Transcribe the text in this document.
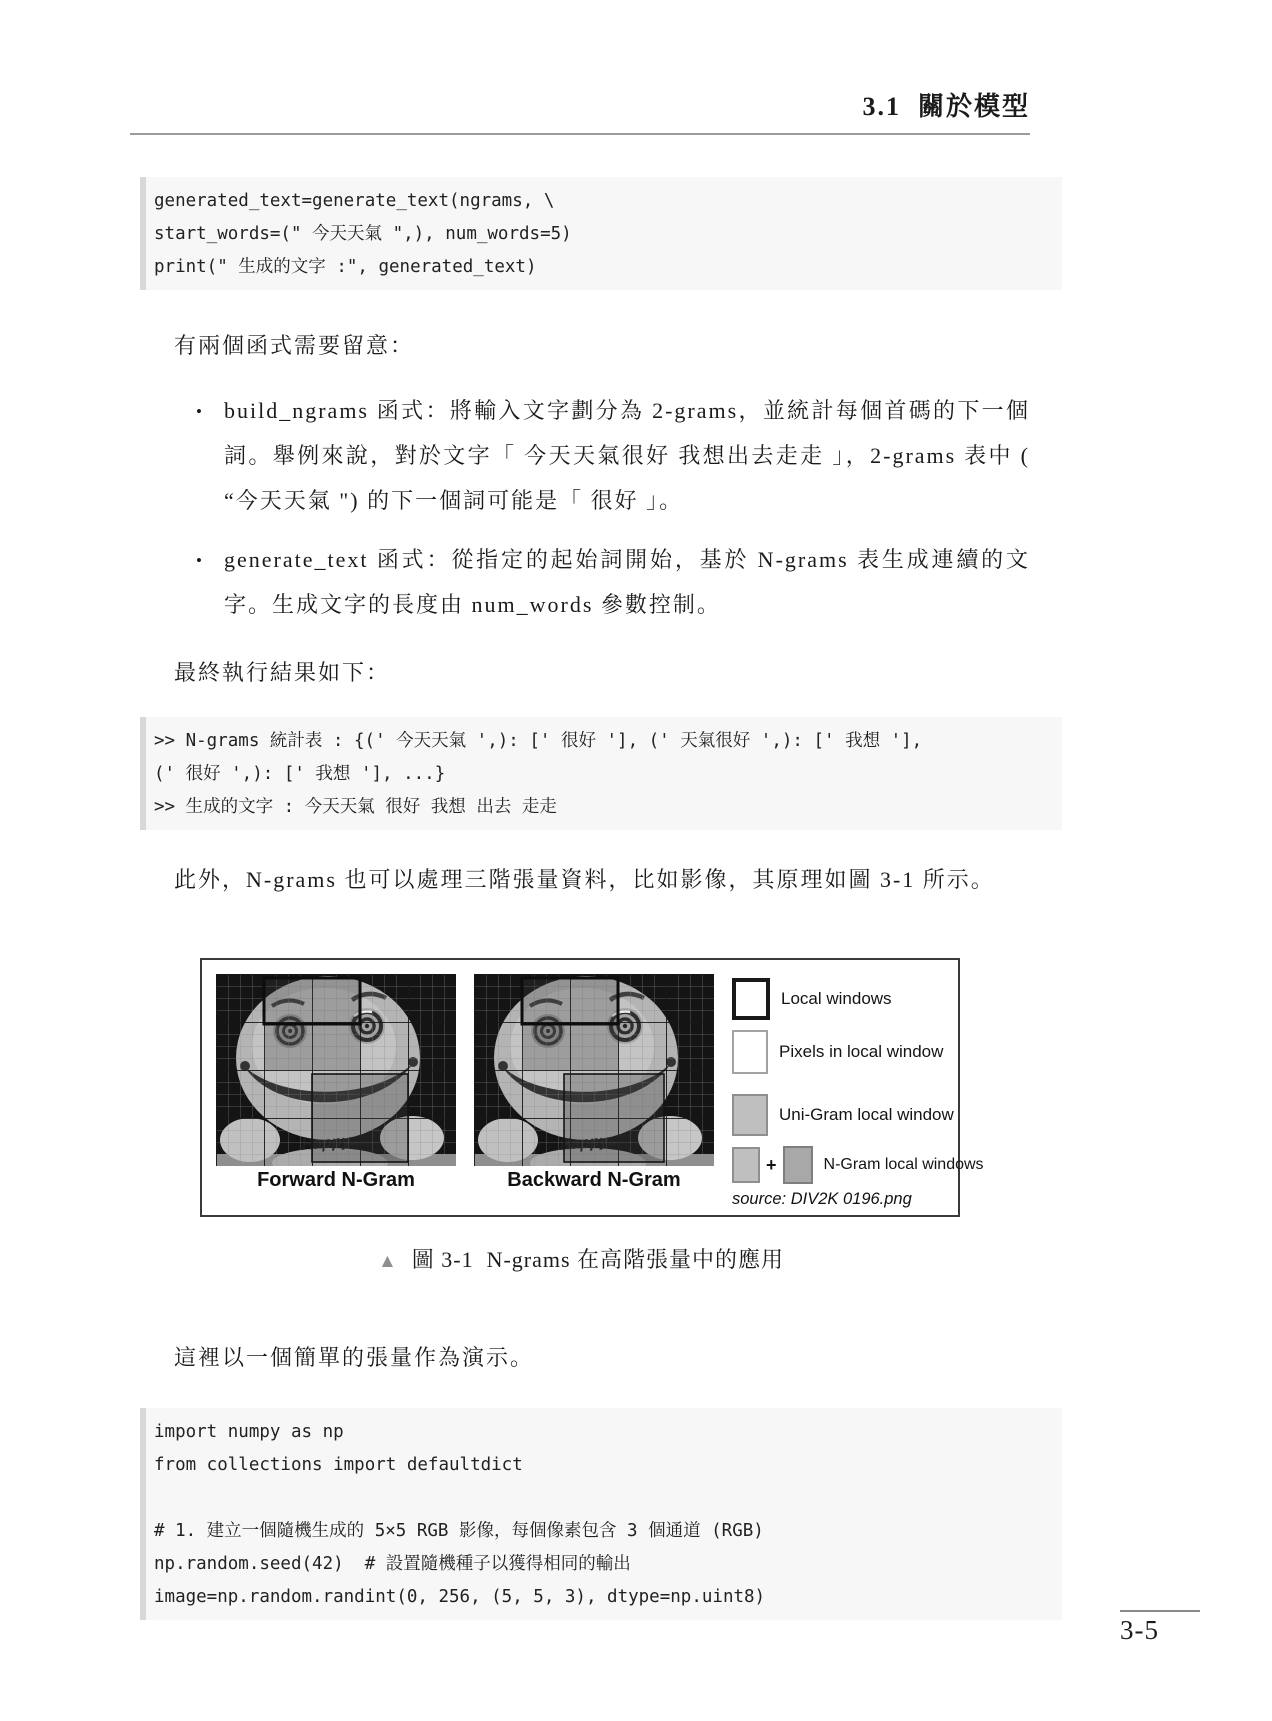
3.1  關於模型
generated_text=generate_text(ngrams, \
start_words=(" 今天天氣 ",), num_words=5)
print(" 生成的文字 :", generated_text)

有兩個函式需要留意：

•	build_ngrams 函式：將輸入文字劃分為 2-grams，並統計每個首碼的下一個詞。舉例來說，對於文字「 今天天氣很好 我想出去走走 」，2-grams 表中 ( “今天天氣 ") 的下一個詞可能是「 很好 」。
•	generate_text 函式：從指定的起始詞開始，基於 N-grams 表生成連續的文字。生成文字的長度由 num_words 參數控制。

最終執行結果如下：

>> N-grams 統計表 : {(' 今天天氣 ',): [' 很好 '], (' 天氣很好 ',): [' 我想 '],
(' 很好 ',): [' 我想 '], ...}
>> 生成的文字 : 今天天氣 很好 我想 出去 走走

此外，N-grams 也可以處理三階張量資料，比如影像，其原理如圖 3-1 所示。

Forward N-Gram	Backward N-Gram
Local windows
Pixels in local window
Uni-Gram local window
+	N-Gram local windows
source: DIV2K 0196.png
▲ 圖 3-1  N-grams 在高階張量中的應用

這裡以一個簡單的張量作為演示。

import numpy as np
from collections import defaultdict
# 1. 建立一個隨機生成的 5×5 RGB 影像，每個像素包含 3 個通道 (RGB)
np.random.seed(42)  # 設置隨機種子以獲得相同的輸出
image=np.random.randint(0, 256, (5, 5, 3), dtype=np.uint8)
3-5
